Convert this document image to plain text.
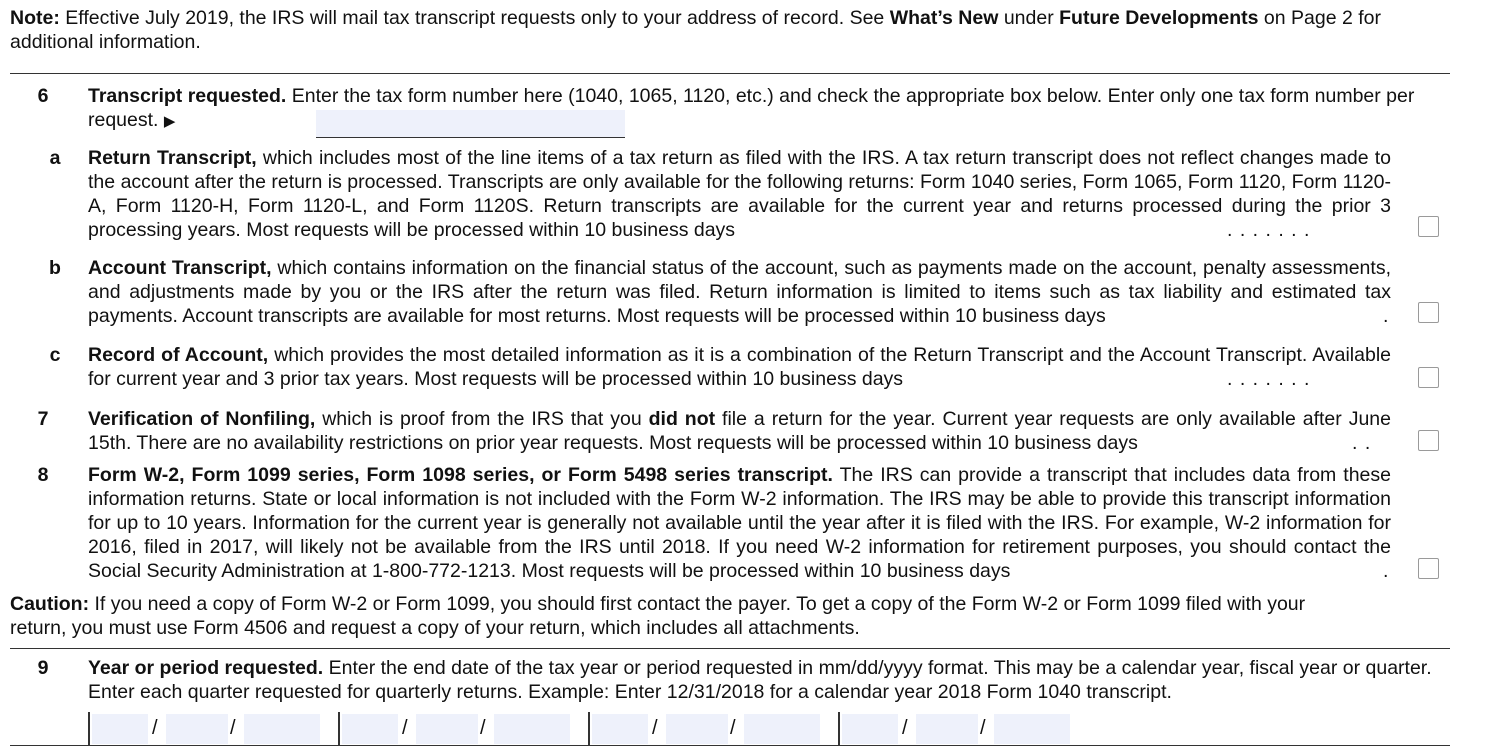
Note: Effective July 2019, the IRS will mail tax transcript requests only to your address of record. See What’s New under Future Developments on Page 2 for additional information.

6	Transcript requested. Enter the tax form number here (1040, 1065, 1120, etc.) and check the appropriate box below. Enter only one tax form number per request. ▶

a	Return Transcript, which includes most of the line items of a tax return as filed with the IRS. A tax return transcript does not reflect changes made to the account after the return is processed. Transcripts are only available for the following returns: Form 1040 series, Form 1065, Form 1120, Form 1120-A, Form 1120-H, Form 1120-L, and Form 1120S. Return transcripts are available for the current year and returns processed during the prior 3 processing years. Most requests will be processed within 10 business days	. . . . . . .
b	Account Transcript, which contains information on the financial status of the account, such as payments made on the account, penalty assessments, and adjustments made by you or the IRS after the return was filed. Return information is limited to items such as tax liability and estimated tax payments. Account transcripts are available for most returns. Most requests will be processed within 10 business days	.
c	Record of Account, which provides the most detailed information as it is a combination of the Return Transcript and the Account Transcript. Available for current year and 3 prior tax years. Most requests will be processed within 10 business days	. . . . . . .
7	Verification of Nonfiling, which is proof from the IRS that you did not file a return for the year. Current year requests are only available after June 15th. There are no availability restrictions on prior year requests. Most requests will be processed within 10 business days	. .
8	Form W-2, Form 1099 series, Form 1098 series, or Form 5498 series transcript. The IRS can provide a transcript that includes data from these information returns. State or local information is not included with the Form W-2 information. The IRS may be able to provide this transcript information for up to 10 years. Information for the current year is generally not available until the year after it is filed with the IRS. For example, W-2 information for 2016, filed in 2017, will likely not be available from the IRS until 2018. If you need W-2 information for retirement purposes, you should contact the Social Security Administration at 1-800-772-1213. Most requests will be processed within 10 business days	.

Caution: If you need a copy of Form W-2 or Form 1099, you should first contact the payer. To get a copy of the Form W-2 or Form 1099 filed with your return, you must use Form 4506 and request a copy of your return, which includes all attachments.

9	Year or period requested. Enter the end date of the tax year or period requested in mm/dd/yyyy format. This may be a calendar year, fiscal year or quarter. Enter each quarter requested for quarterly returns. Example: Enter 12/31/2018 for a calendar year 2018 Form 1040 transcript.

/	/	/	/	/	/	/	/
